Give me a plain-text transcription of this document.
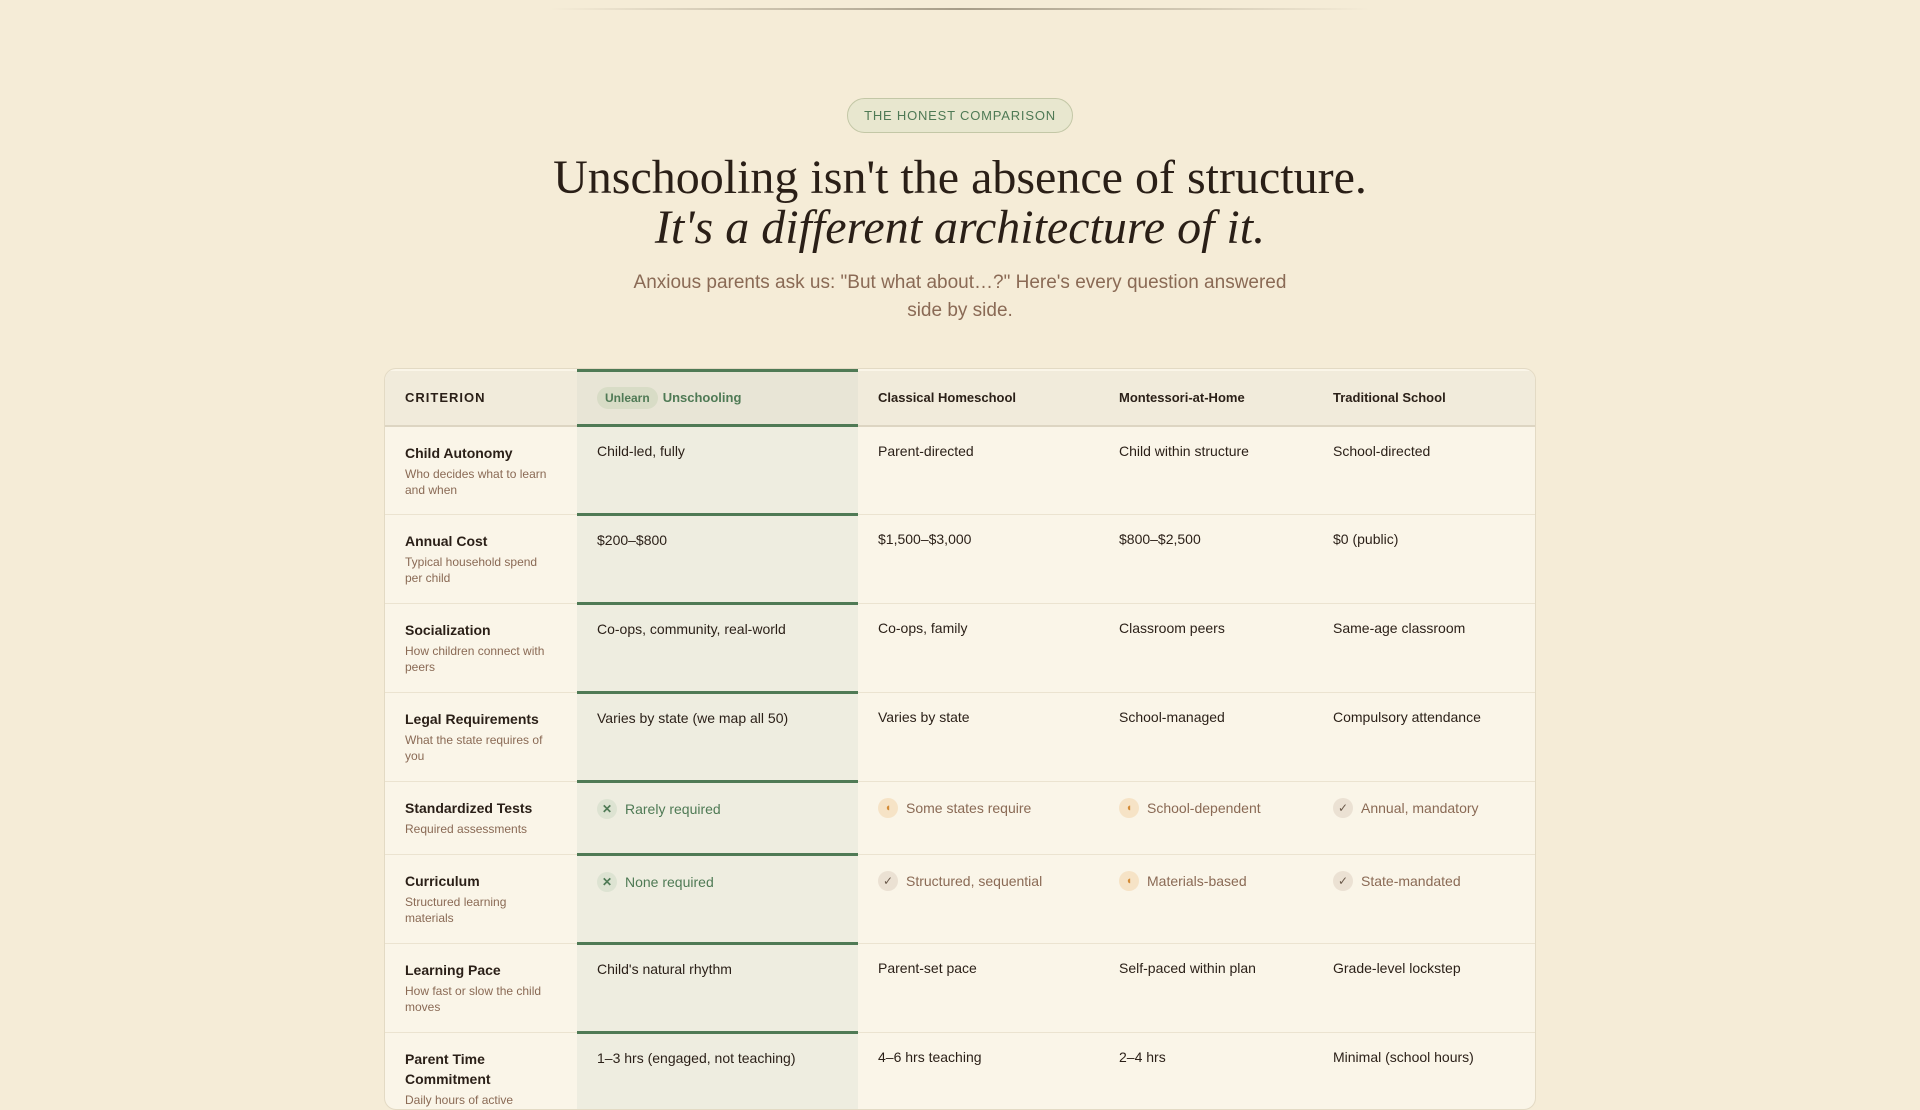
THE HONEST COMPARISON
Unschooling isn't the absence of structure.
It's a different architecture of it.

Anxious parents ask us: "But what about…?" Here's every question answered side by side.

CRITERION	Unlearn Unschooling	Classical Homeschool	Montessori-at-Home	Traditional School

Child Autonomy
Who decides what to learn and when	Child-led, fully	Parent-directed	Child within structure	School-directed

Annual Cost
Typical household spend per child	$200–$800	$1,500–$3,000	$800–$2,500	$0 (public)

Socialization
How children connect with peers	Co-ops, community, real-world	Co-ops, family	Classroom peers	Same-age classroom

Legal Requirements
What the state requires of you	Varies by state (we map all 50)	Varies by state	School-managed	Compulsory attendance

Standardized Tests
Required assessments	✕ Rarely required	◖ Some states require	◖ School-dependent	✓ Annual, mandatory

Curriculum
Structured learning materials	✕ None required	✓ Structured, sequential	◖ Materials-based	✓ State-mandated

Learning Pace
How fast or slow the child moves	Child's natural rhythm	Parent-set pace	Self-paced within plan	Grade-level lockstep

Parent Time Commitment
Daily hours of active	1–3 hrs (engaged, not teaching)	4–6 hrs teaching	2–4 hrs	Minimal (school hours)
